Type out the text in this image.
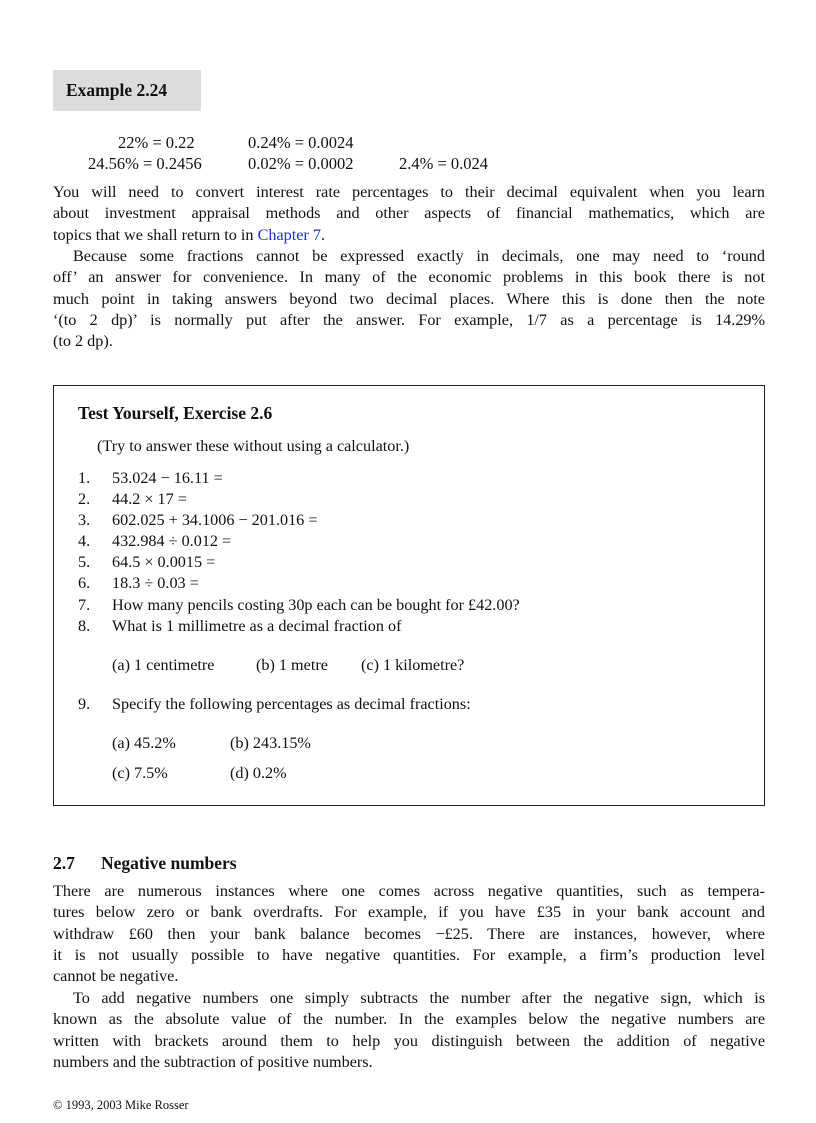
Example 2.24
22% = 0.22	0.24% = 0.0024
24.56% = 0.2456	0.02% = 0.0002	2.4% = 0.024
You will need to convert interest rate percentages to their decimal equivalent when you learn
about investment appraisal methods and other aspects of financial mathematics, which are
topics that we shall return to in Chapter 7.
Because some fractions cannot be expressed exactly in decimals, one may need to ‘round
off’ an answer for convenience. In many of the economic problems in this book there is not
much point in taking answers beyond two decimal places. Where this is done then the note
‘(to 2 dp)’ is normally put after the answer. For example, 1/7 as a percentage is 14.29%
(to 2 dp).
Test Yourself, Exercise 2.6
(Try to answer these without using a calculator.)
1.	53.024 − 16.11 =
2.	44.2 × 17 =
3.	602.025 + 34.1006 − 201.016 =
4.	432.984 ÷ 0.012 =
5.	64.5 × 0.0015 =
6.	18.3 ÷ 0.03 =
7.	How many pencils costing 30p each can be bought for £42.00?
8.	What is 1 millimetre as a decimal fraction of
(a) 1 centimetre	(b) 1 metre (c) 1 kilometre?
9.	Specify the following percentages as decimal fractions:
(a) 45.2%	(b) 243.15%
(c) 7.5%	(d) 0.2%
2.7 Negative numbers
There are numerous instances where one comes across negative quantities, such as tempera-
tures below zero or bank overdrafts. For example, if you have £35 in your bank account and
withdraw £60 then your bank balance becomes −£25. There are instances, however, where
it is not usually possible to have negative quantities. For example, a firm’s production level
cannot be negative.
To add negative numbers one simply subtracts the number after the negative sign, which is
known as the absolute value of the number. In the examples below the negative numbers are
written with brackets around them to help you distinguish between the addition of negative
numbers and the subtraction of positive numbers.
© 1993, 2003 Mike Rosser
